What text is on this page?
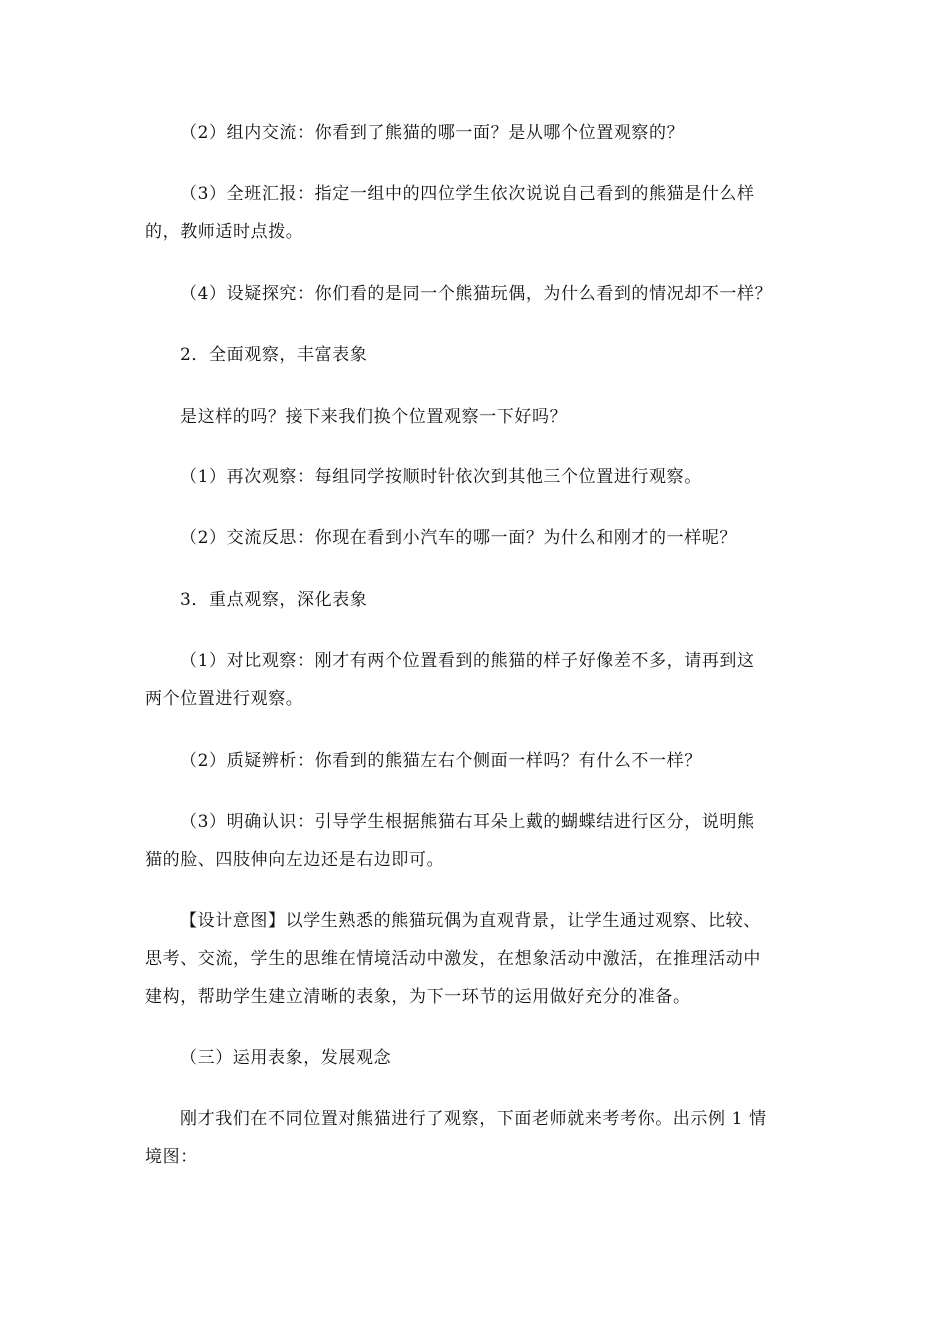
（2）组内交流：你看到了熊猫的哪一面？是从哪个位置观察的？
（3）全班汇报：指定一组中的四位学生依次说说自己看到的熊猫是什么样
的，教师适时点拨。
（4）设疑探究：你们看的是同一个熊猫玩偶，为什么看到的情况却不一样？
2．全面观察，丰富表象
是这样的吗？接下来我们换个位置观察一下好吗？
（1）再次观察：每组同学按顺时针依次到其他三个位置进行观察。
（2）交流反思：你现在看到小汽车的哪一面？为什么和刚才的一样呢？
3．重点观察，深化表象
（1）对比观察：刚才有两个位置看到的熊猫的样子好像差不多，请再到这
两个位置进行观察。
（2）质疑辨析：你看到的熊猫左右个侧面一样吗？有什么不一样？
（3）明确认识：引导学生根据熊猫右耳朵上戴的蝴蝶结进行区分，说明熊
猫的脸、四肢伸向左边还是右边即可。
【设计意图】以学生熟悉的熊猫玩偶为直观背景，让学生通过观察、比较、
思考、交流，学生的思维在情境活动中激发，在想象活动中激活，在推理活动中
建构，帮助学生建立清晰的表象，为下一环节的运用做好充分的准备。
（三）运用表象，发展观念
刚才我们在不同位置对熊猫进行了观察，下面老师就来考考你。出示例 1 情
境图：
